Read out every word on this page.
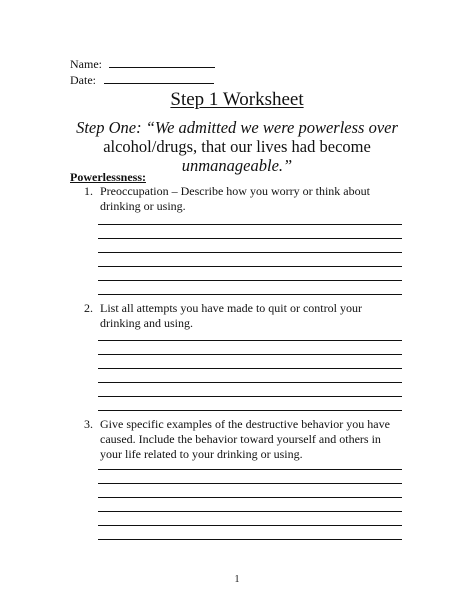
Name:
Date:
Step 1 Worksheet
Step One: “We admitted we were powerless over
alcohol/drugs, that our lives had become
unmanageable.”
Powerlessness:
1. Preoccupation – Describe how you worry or think about
drinking or using.
2. List all attempts you have made to quit or control your
drinking and using.
3. Give specific examples of the destructive behavior you have
caused. Include the behavior toward yourself and others in
your life related to your drinking or using.
1
